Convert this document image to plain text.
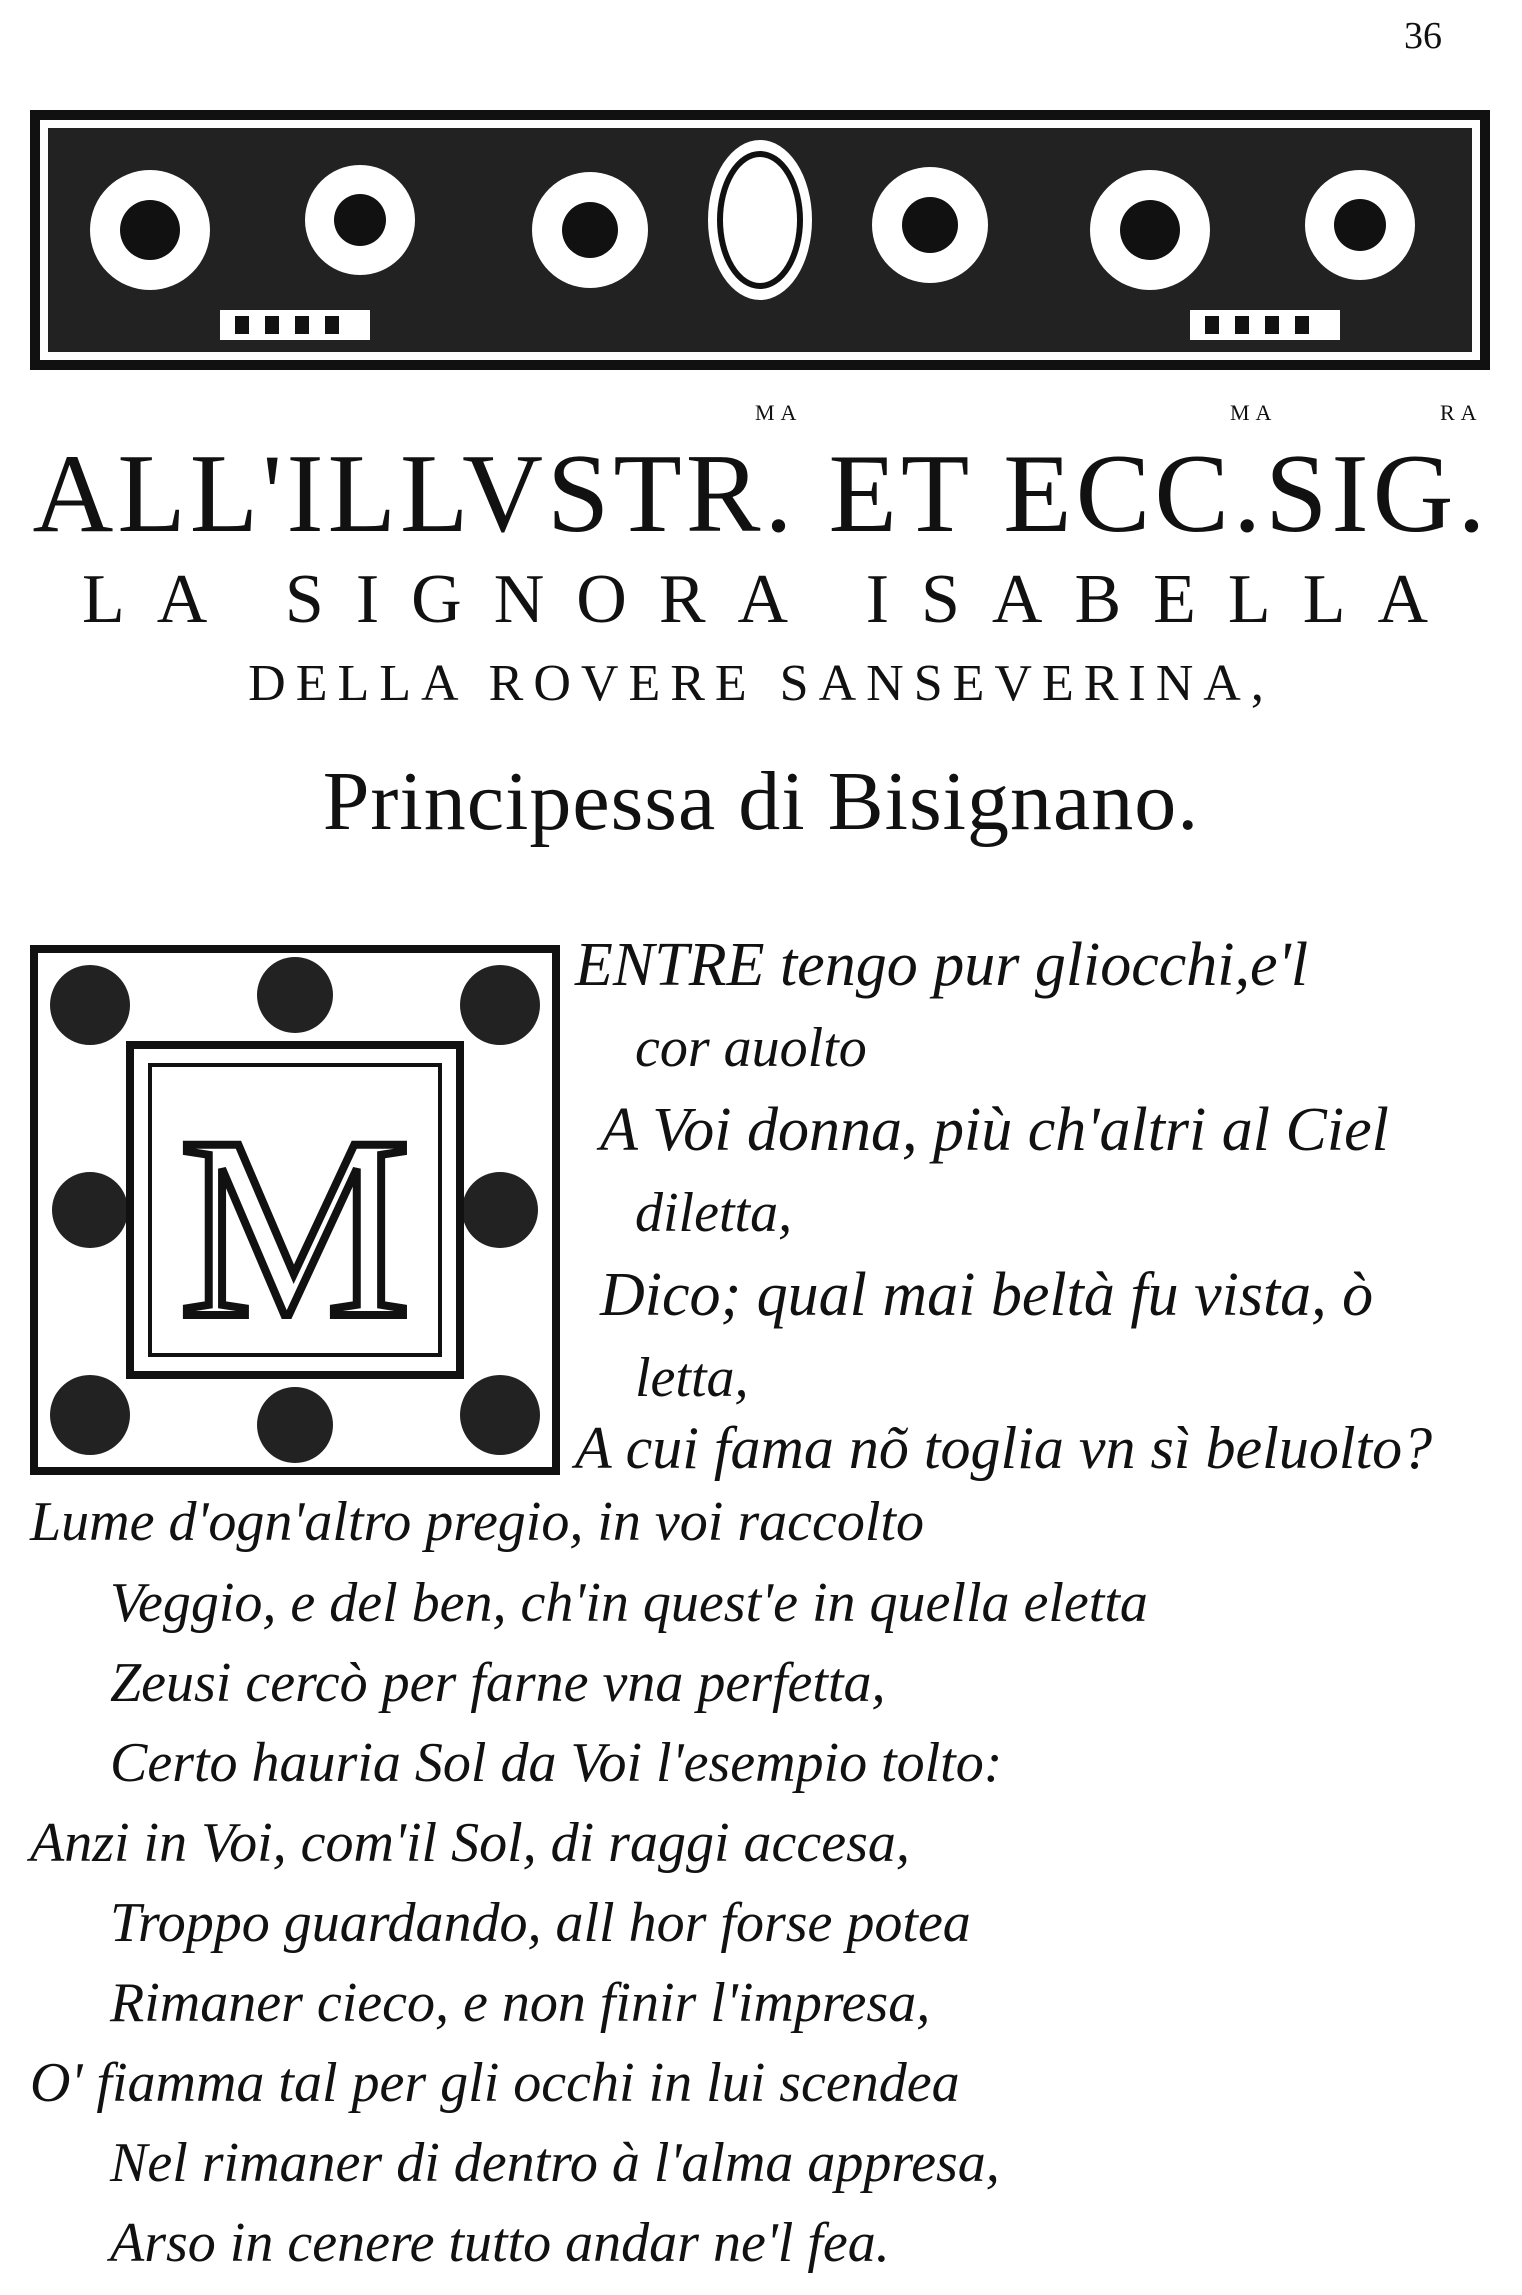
36
MA	MA	RA
ALL'ILLVSTR. ET ECC.SIG.
LA SIGNORA ISABELLA
DELLA ROVERE SANSEVERINA,
Principessa di Bisignano.
M
ENTRE tengo pur gliocchi,e'l
cor auolto
A Voi donna, più ch'altri al Ciel
diletta,
Dico; qual mai beltà fu vista, ò
letta,
A cui fama nõ toglia vn sì beluolto?
Lume d'ogn'altro pregio, in voi raccolto
Veggio, e del ben, ch'in quest'e in quella eletta
Zeusi cercò per farne vna perfetta,
Certo hauria Sol da Voi l'esempio tolto:
Anzi in Voi, com'il Sol, di raggi accesa,
Troppo guardando, all hor forse potea
Rimaner cieco, e non finir l'impresa,
O' fiamma tal per gli occhi in lui scendea
Nel rimaner di dentro à l'alma appresa,
Arso in cenere tutto andar ne'l fea.
